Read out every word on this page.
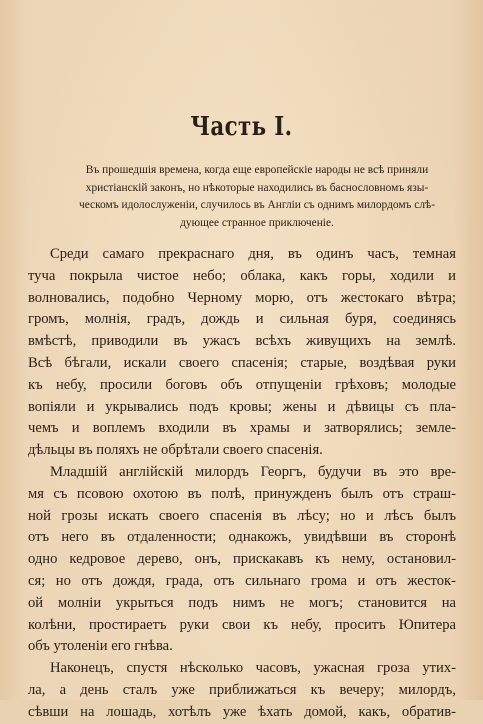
Часть I.
Въ прошедшія времена, когда еще европейскіе народы не всѣ приняли
христіанскій законъ, но нѣкоторые находились въ баснословномъ язы-
ческомъ идолослуженіи, случилось въ Англіи съ однимъ милордомъ слѣ-
дующее странное приключеніе.
Среди самаго прекраснаго дня, въ одинъ часъ, темная
туча покрыла чистое небо; облака, какъ горы, ходили и
волновались, подобно Черному морю, отъ жестокаго вѣтра;
громъ, молнія, градъ, дождь и сильная буря, соединясь
вмѣстѣ, приводили въ ужасъ всѣхъ живущихъ на землѣ.
Всѣ бѣгали, искали своего спасенія; старые, воздѣвая руки
къ небу, просили боговъ объ отпущеніи грѣховъ; молодые
вопіяли и укрывались подъ кровы; жены и дѣвицы съ пла-
чемъ и воплемъ входили въ храмы и затворялись; земле-
дѣльцы въ поляхъ не обрѣтали своего спасенія.
Младшій англійскій милордъ Георгъ, будучи въ это вре-
мя съ псовою охотою въ полѣ, принужденъ былъ отъ страш-
ной грозы искать своего спасенія въ лѣсу; но и лѣсъ былъ
отъ него въ отдаленности; однакожъ, увидѣвши въ сторонѣ
одно кедровое дерево, онъ, прискакавъ къ нему, остановил-
ся; но отъ дождя, града, отъ сильнаго грома и отъ жесток-
ой молніи укрыться подъ нимъ не могъ; становится на
колѣни, простираетъ руки свои къ небу, проситъ Юпитера
объ утоленіи его гнѣва.
Наконецъ, спустя нѣсколько часовъ, ужасная гроза утих-
ла, а день сталъ уже приближаться къ вечеру; милордъ,
сѣвши на лошадь, хотѣлъ уже ѣхать домой, какъ, обратив-
